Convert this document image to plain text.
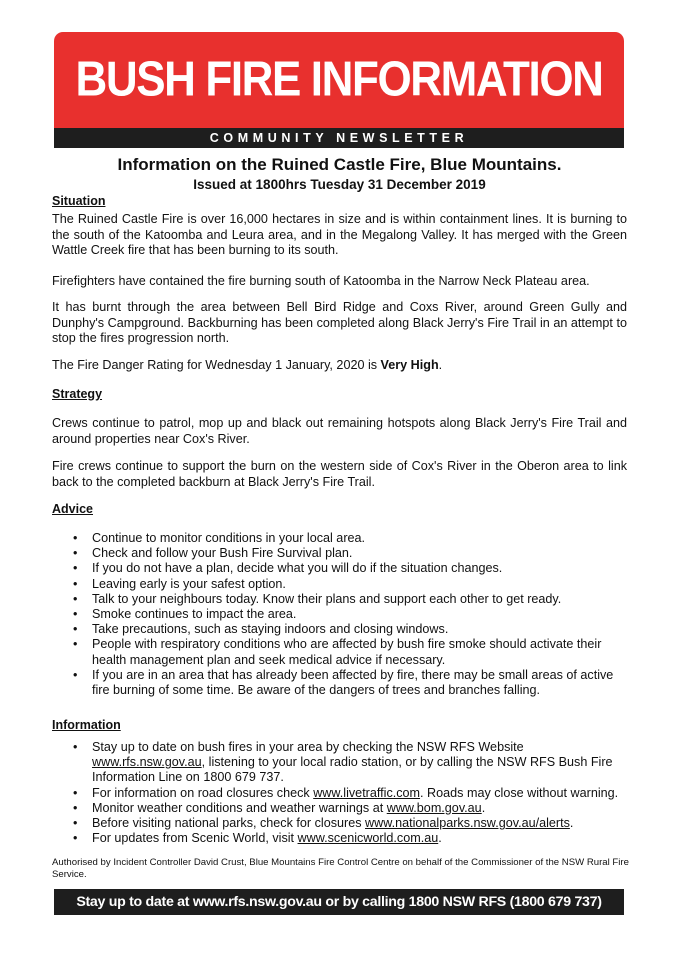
BUSH FIRE INFORMATION
COMMUNITY NEWSLETTER
Information on the Ruined Castle Fire, Blue Mountains.
Issued at 1800hrs Tuesday 31 December 2019
Situation
The Ruined Castle Fire is over 16,000 hectares in size and is within containment lines. It is burning to the south of the Katoomba and Leura area, and in the Megalong Valley. It has merged with the Green Wattle Creek fire that has been burning to its south.
Firefighters have contained the fire burning south of Katoomba in the Narrow Neck Plateau area.
It has burnt through the area between Bell Bird Ridge and Coxs River, around Green Gully and Dunphy's Campground. Backburning has been completed along Black Jerry's Fire Trail in an attempt to stop the fires progression north.
The Fire Danger Rating for Wednesday 1 January, 2020 is Very High.
Strategy
Crews continue to patrol, mop up and black out remaining hotspots along Black Jerry's Fire Trail and around properties near Cox's River.
Fire crews continue to support the burn on the western side of Cox's River in the Oberon area to link back to the completed backburn at Black Jerry's Fire Trail.
Advice
• Continue to monitor conditions in your local area.
• Check and follow your Bush Fire Survival plan.
• If you do not have a plan, decide what you will do if the situation changes.
• Leaving early is your safest option.
• Talk to your neighbours today. Know their plans and support each other to get ready.
• Smoke continues to impact the area.
• Take precautions, such as staying indoors and closing windows.
• People with respiratory conditions who are affected by bush fire smoke should activate their health management plan and seek medical advice if necessary.
• If you are in an area that has already been affected by fire, there may be small areas of active fire burning of some time. Be aware of the dangers of trees and branches falling.
Information
• Stay up to date on bush fires in your area by checking the NSW RFS Website www.rfs.nsw.gov.au, listening to your local radio station, or by calling the NSW RFS Bush Fire Information Line on 1800 679 737.
• For information on road closures check www.livetraffic.com. Roads may close without warning.
• Monitor weather conditions and weather warnings at www.bom.gov.au.
• Before visiting national parks, check for closures www.nationalparks.nsw.gov.au/alerts.
• For updates from Scenic World, visit www.scenicworld.com.au.
Authorised by Incident Controller David Crust, Blue Mountains Fire Control Centre on behalf of the Commissioner of the NSW Rural Fire Service.
Stay up to date at www.rfs.nsw.gov.au or by calling 1800 NSW RFS (1800 679 737)
